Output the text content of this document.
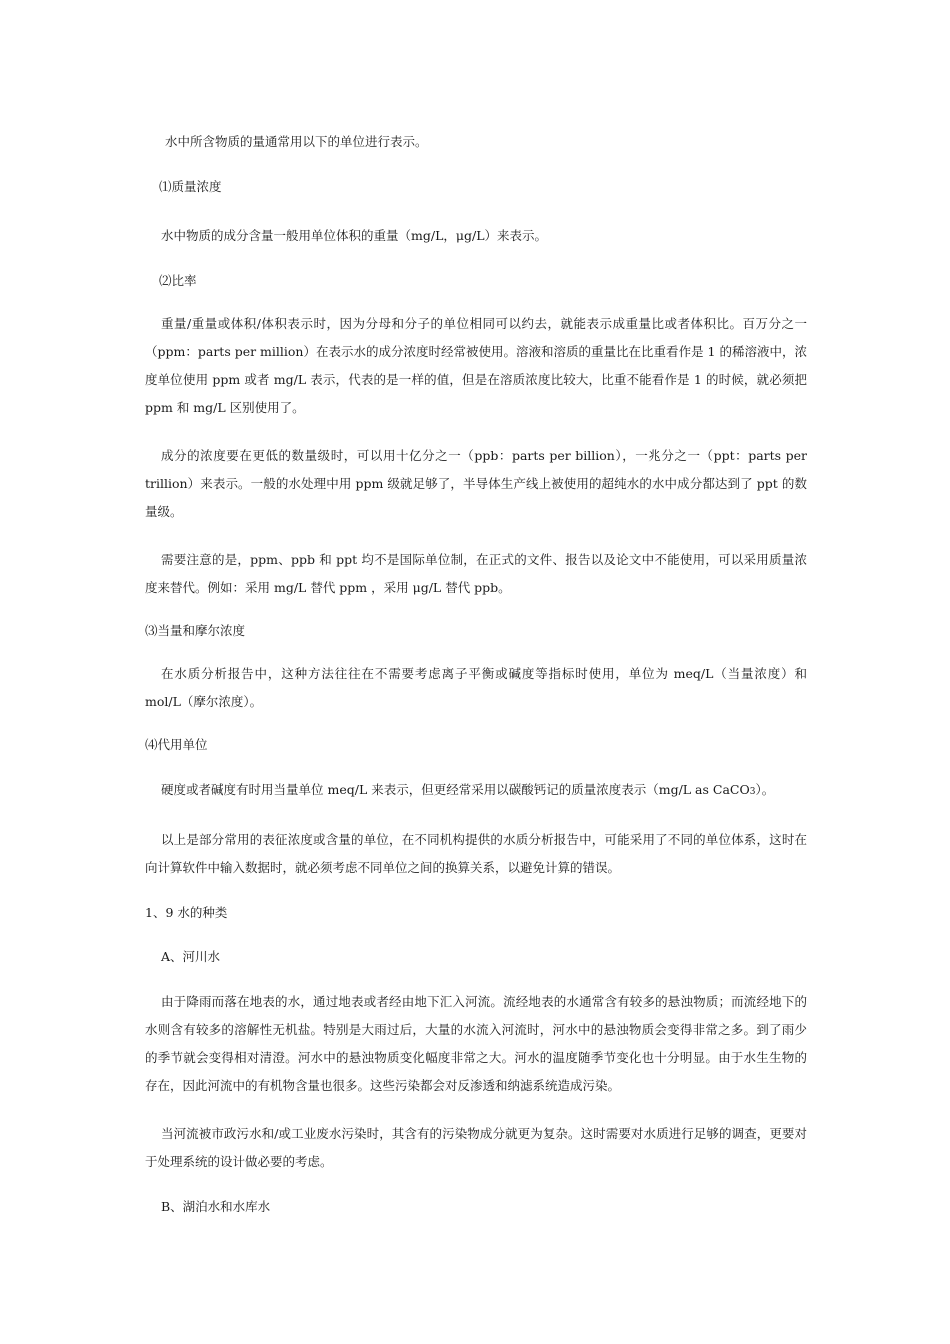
水中所含物质的量通常用以下的单位进行表示。

⑴质量浓度

水中物质的成分含量一般用单位体积的重量（mg/L，μg/L）来表示。

⑵比率

重量/重量或体积/体积表示时，因为分母和分子的单位相同可以约去，就能表示成重量比或者体积比。百万分之一（ppm：parts per million）在表示水的成分浓度时经常被使用。溶液和溶质的重量比在比重看作是 1 的稀溶液中，浓度单位使用 ppm 或者 mg/L 表示，代表的是一样的值，但是在溶质浓度比较大，比重不能看作是 1 的时候，就必须把 ppm 和 mg/L 区别使用了。

成分的浓度要在更低的数量级时，可以用十亿分之一（ppb：parts per billion），一兆分之一（ppt：parts per trillion）来表示。一般的水处理中用 ppm 级就足够了，半导体生产线上被使用的超纯水的水中成分都达到了 ppt 的数量级。

需要注意的是，ppm、ppb 和 ppt 均不是国际单位制，在正式的文件、报告以及论文中不能使用，可以采用质量浓度来替代。例如：采用 mg/L 替代 ppm ，采用 μg/L 替代 ppb。

⑶当量和摩尔浓度

在水质分析报告中，这种方法往往在不需要考虑离子平衡或碱度等指标时使用，单位为 meq/L（当量浓度）和 mol/L（摩尔浓度）。

⑷代用单位

硬度或者碱度有时用当量单位 meq/L 来表示，但更经常采用以碳酸钙记的质量浓度表示（mg/L as CaCO3）。

以上是部分常用的表征浓度或含量的单位，在不同机构提供的水质分析报告中，可能采用了不同的单位体系，这时在向计算软件中输入数据时，就必须考虑不同单位之间的换算关系，以避免计算的错误。

1、9 水的种类

A、河川水

由于降雨而落在地表的水，通过地表或者经由地下汇入河流。流经地表的水通常含有较多的悬浊物质；而流经地下的水则含有较多的溶解性无机盐。特别是大雨过后，大量的水流入河流时，河水中的悬浊物质会变得非常之多。到了雨少的季节就会变得相对清澄。河水中的悬浊物质变化幅度非常之大。河水的温度随季节变化也十分明显。由于水生生物的存在，因此河流中的有机物含量也很多。这些污染都会对反渗透和纳滤系统造成污染。

当河流被市政污水和/或工业废水污染时，其含有的污染物成分就更为复杂。这时需要对水质进行足够的调查，更要对于处理系统的设计做必要的考虑。

B、湖泊水和水库水
